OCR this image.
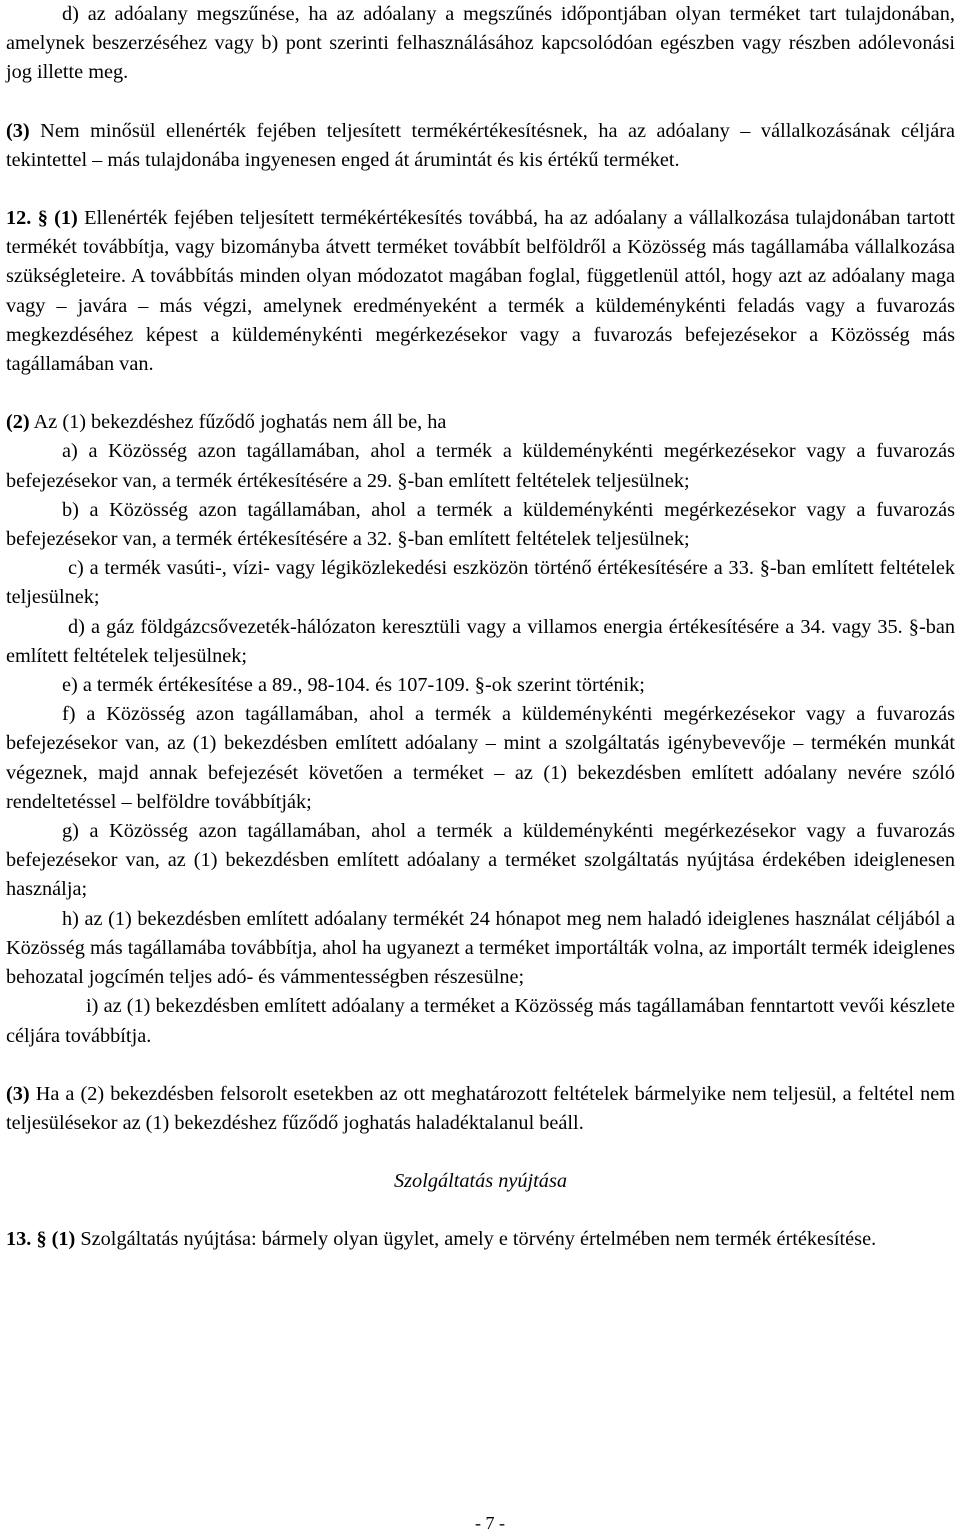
d) az adóalany megszűnése, ha az adóalany a megszűnés időpontjában olyan terméket tart tulajdonában, amelynek beszerzéséhez vagy b) pont szerinti felhasználásához kapcsolódóan egészben vagy részben adólevonási jog illette meg.

(3) Nem minősül ellenérték fejében teljesített termékértékesítésnek, ha az adóalany – vállalkozásának céljára tekintettel – más tulajdonába ingyenesen enged át árumintát és kis értékű terméket.

12. § (1) Ellenérték fejében teljesített termékértékesítés továbbá, ha az adóalany a vállalkozása tulajdonában tartott termékét továbbítja, vagy bizományba átvett terméket továbbít belföldről a Közösség más tagállamába vállalkozása szükségleteire. A továbbítás minden olyan módozatot magában foglal, függetlenül attól, hogy azt az adóalany maga vagy – javára – más végzi, amelynek eredményeként a termék a küldeménykénti feladás vagy a fuvarozás megkezdéséhez képest a küldeménykénti megérkezésekor vagy a fuvarozás befejezésekor a Közösség más tagállamában van.

(2) Az (1) bekezdéshez fűződő joghatás nem áll be, ha

a) a Közösség azon tagállamában, ahol a termék a küldeménykénti megérkezésekor vagy a fuvarozás befejezésekor van, a termék értékesítésére a 29. §-ban említett feltételek teljesülnek;

b) a Közösség azon tagállamában, ahol a termék a küldeménykénti megérkezésekor vagy a fuvarozás befejezésekor van, a termék értékesítésére a 32. §-ban említett feltételek teljesülnek;

c) a termék vasúti-, vízi- vagy légiközlekedési eszközön történő értékesítésére a 33. §-ban említett feltételek teljesülnek;

d) a gáz földgázcsővezeték-hálózaton keresztüli vagy a villamos energia értékesítésére a 34. vagy 35. §-ban említett feltételek teljesülnek;

e) a termék értékesítése a 89., 98-104. és 107-109. §-ok szerint történik;

f) a Közösség azon tagállamában, ahol a termék a küldeménykénti megérkezésekor vagy a fuvarozás befejezésekor van, az (1) bekezdésben említett adóalany – mint a szolgáltatás igénybevevője – termékén munkát végeznek, majd annak befejezését követően a terméket – az (1) bekezdésben említett adóalany nevére szóló rendeltetéssel – belföldre továbbítják;

g) a Közösség azon tagállamában, ahol a termék a küldeménykénti megérkezésekor vagy a fuvarozás befejezésekor van, az (1) bekezdésben említett adóalany a terméket szolgáltatás nyújtása érdekében ideiglenesen használja;

h) az (1) bekezdésben említett adóalany termékét 24 hónapot meg nem haladó ideiglenes használat céljából a Közösség más tagállamába továbbítja, ahol ha ugyanezt a terméket importálták volna, az importált termék ideiglenes behozatal jogcímén teljes adó- és vámmentességben részesülne;

i) az (1) bekezdésben említett adóalany a terméket a Közösség más tagállamában fenntartott vevői készlete céljára továbbítja.

(3) Ha a (2) bekezdésben felsorolt esetekben az ott meghatározott feltételek bármelyike nem teljesül, a feltétel nem teljesülésekor az (1) bekezdéshez fűződő joghatás haladéktalanul beáll.

Szolgáltatás nyújtása

13. § (1) Szolgáltatás nyújtása: bármely olyan ügylet, amely e törvény értelmében nem termék értékesítése.

- 7 -
